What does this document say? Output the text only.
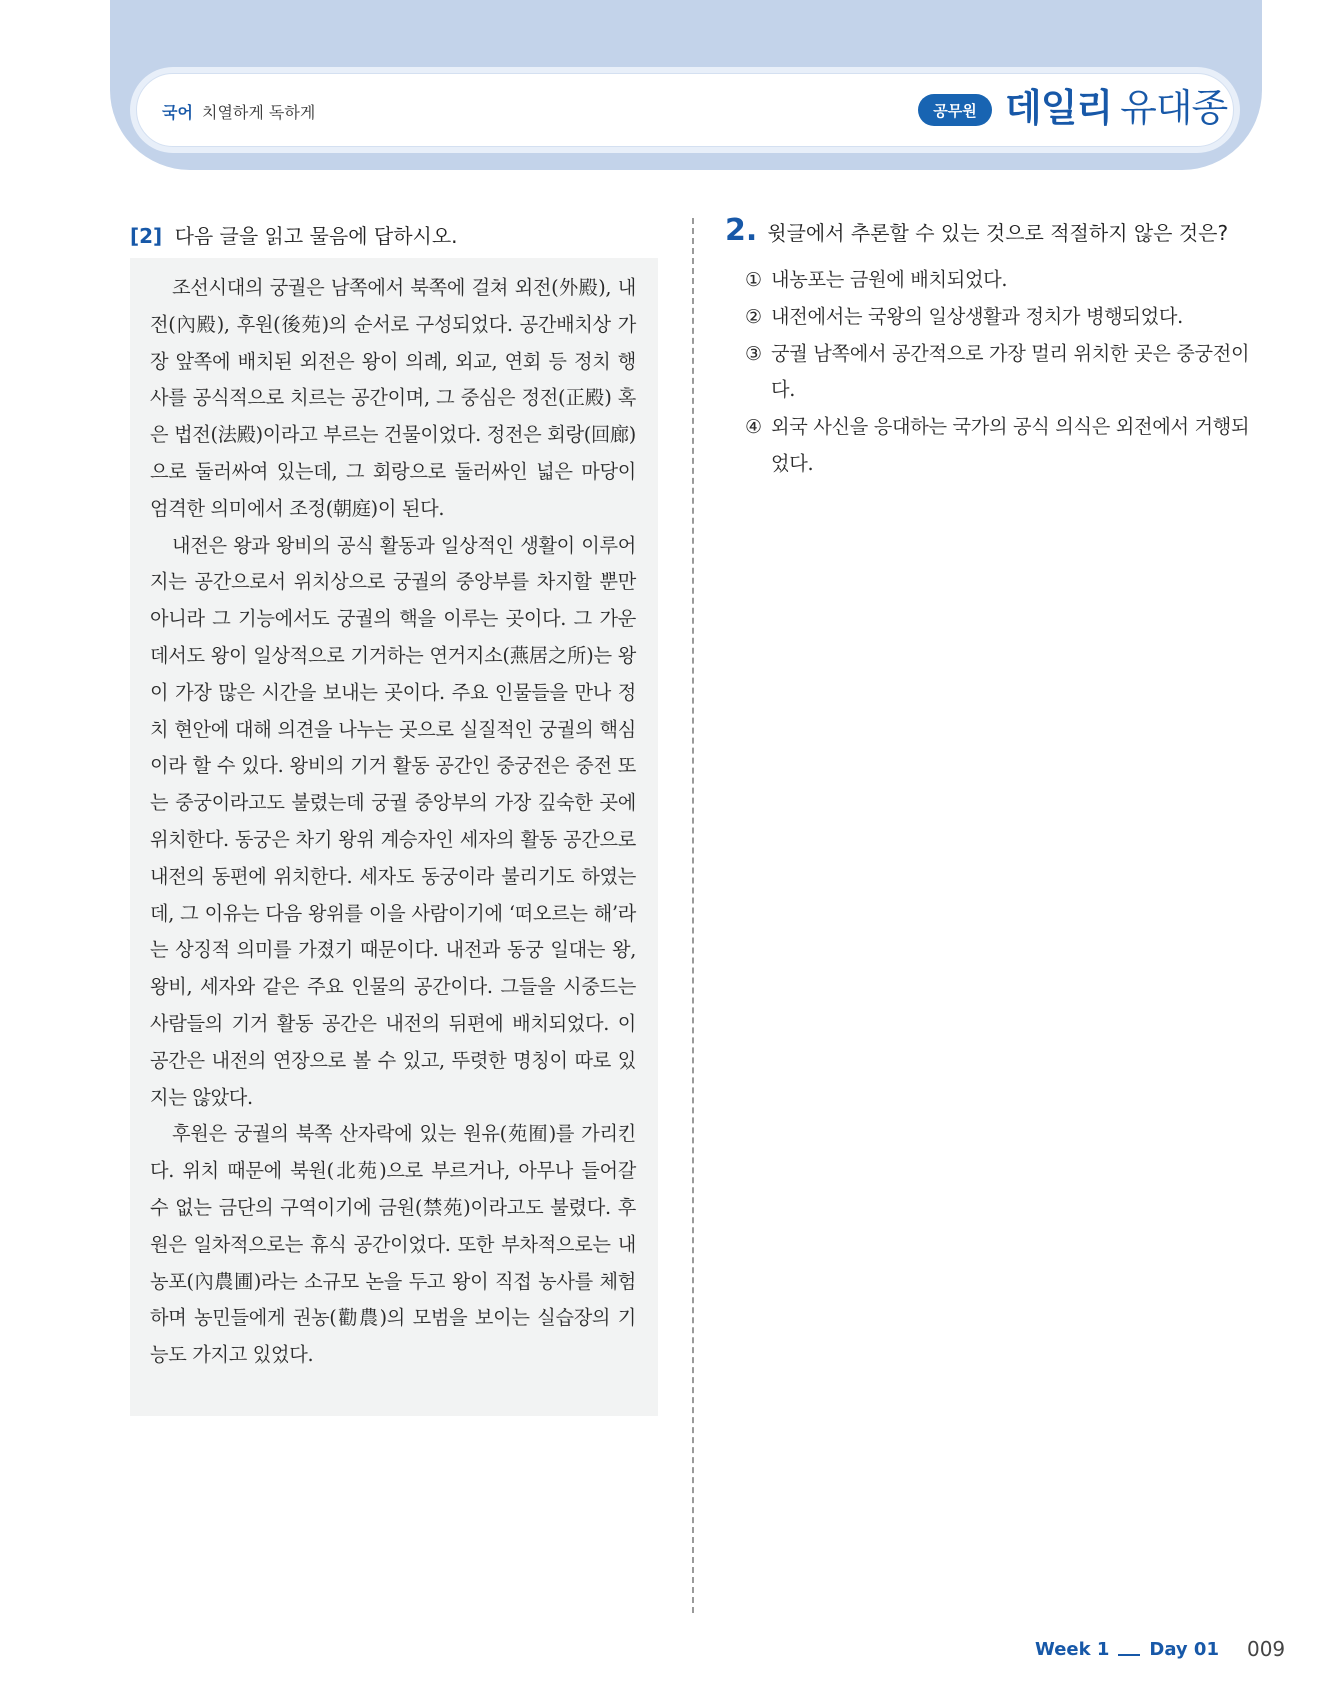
국어 치열하게 독하게	공무원 데일리 유대종
[2] 다음 글을 읽고 물음에 답하시오.

조선시대의 궁궐은 남쪽에서 북쪽에 걸쳐 외전(外殿), 내전(內殿), 후원(後苑)의 순서로 구성되었다. 공간배치상 가장 앞쪽에 배치된 외전은 왕이 의례, 외교, 연회 등 정치 행사를 공식적으로 치르는 공간이며, 그 중심은 정전(正殿) 혹은 법전(法殿)이라고 부르는 건물이었다. 정전은 회랑(回廊)으로 둘러싸여 있는데, 그 회랑으로 둘러싸인 넓은 마당이 엄격한 의미에서 조정(朝庭)이 된다.

내전은 왕과 왕비의 공식 활동과 일상적인 생활이 이루어지는 공간으로서 위치상으로 궁궐의 중앙부를 차지할 뿐만 아니라 그 기능에서도 궁궐의 핵을 이루는 곳이다. 그 가운데서도 왕이 일상적으로 기거하는 연거지소(燕居之所)는 왕이 가장 많은 시간을 보내는 곳이다. 주요 인물들을 만나 정치 현안에 대해 의견을 나누는 곳으로 실질적인 궁궐의 핵심이라 할 수 있다. 왕비의 기거 활동 공간인 중궁전은 중전 또는 중궁이라고도 불렸는데 궁궐 중앙부의 가장 깊숙한 곳에 위치한다. 동궁은 차기 왕위 계승자인 세자의 활동 공간으로 내전의 동편에 위치한다. 세자도 동궁이라 불리기도 하였는데, 그 이유는 다음 왕위를 이을 사람이기에 ‘떠오르는 해’라는 상징적 의미를 가졌기 때문이다. 내전과 동궁 일대는 왕, 왕비, 세자와 같은 주요 인물의 공간이다. 그들을 시중드는 사람들의 기거 활동 공간은 내전의 뒤편에 배치되었다. 이 공간은 내전의 연장으로 볼 수 있고, 뚜렷한 명칭이 따로 있지는 않았다.

후원은 궁궐의 북쪽 산자락에 있는 원유(苑囿)를 가리킨다. 위치 때문에 북원(北苑)으로 부르거나, 아무나 들어갈 수 없는 금단의 구역이기에 금원(禁苑)이라고도 불렸다. 후원은 일차적으로는 휴식 공간이었다. 또한 부차적으로는 내농포(內農圃)라는 소규모 논을 두고 왕이 직접 농사를 체험하며 농민들에게 권농(勸農)의 모범을 보이는 실습장의 기능도 가지고 있었다.

2. 윗글에서 추론할 수 있는 것으로 적절하지 않은 것은?
① 내농포는 금원에 배치되었다.
② 내전에서는 국왕의 일상생활과 정치가 병행되었다.
③ 궁궐 남쪽에서 공간적으로 가장 멀리 위치한 곳은 중궁전이다.
④ 외국 사신을 응대하는 국가의 공식 의식은 외전에서 거행되었다.
Week 1 Day 01 009
